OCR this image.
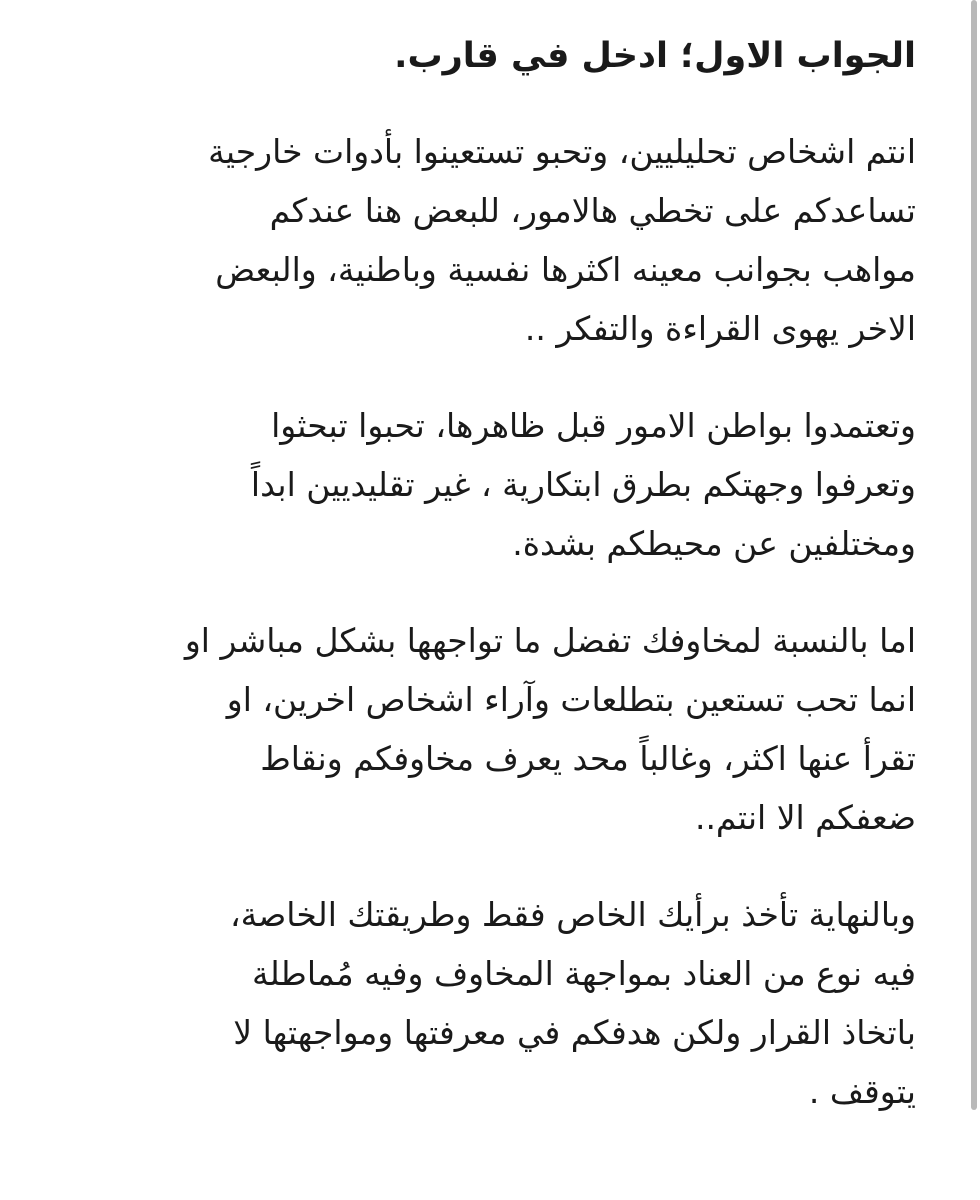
الجواب الاول؛ ادخل في قارب.
انتم اشخاص تحليليين، وتحبو تستعينوا بأدوات خارجية
تساعدكم على تخطي هالامور، للبعض هنا عندكم
مواهب بجوانب معينه اكثرها نفسية وباطنية، والبعض
الاخر يهوى القراءة والتفكر ..
وتعتمدوا بواطن الامور قبل ظاهرها، تحبوا تبحثوا
وتعرفوا وجهتكم بطرق ابتكارية ، غير تقليديين ابداً
ومختلفين عن محيطكم بشدة.
اما بالنسبة لمخاوفك تفضل ما تواجهها بشكل مباشر او
انما تحب تستعين بتطلعات وآراء اشخاص اخرين، او
تقرأ عنها اكثر، وغالباً محد يعرف مخاوفكم ونقاط
ضعفكم الا انتم..
وبالنهاية تأخذ برأيك الخاص فقط وطريقتك الخاصة،
فيه نوع من العناد بمواجهة المخاوف وفيه مُماطلة
باتخاذ القرار ولكن هدفكم في معرفتها ومواجهتها لا
يتوقف .
